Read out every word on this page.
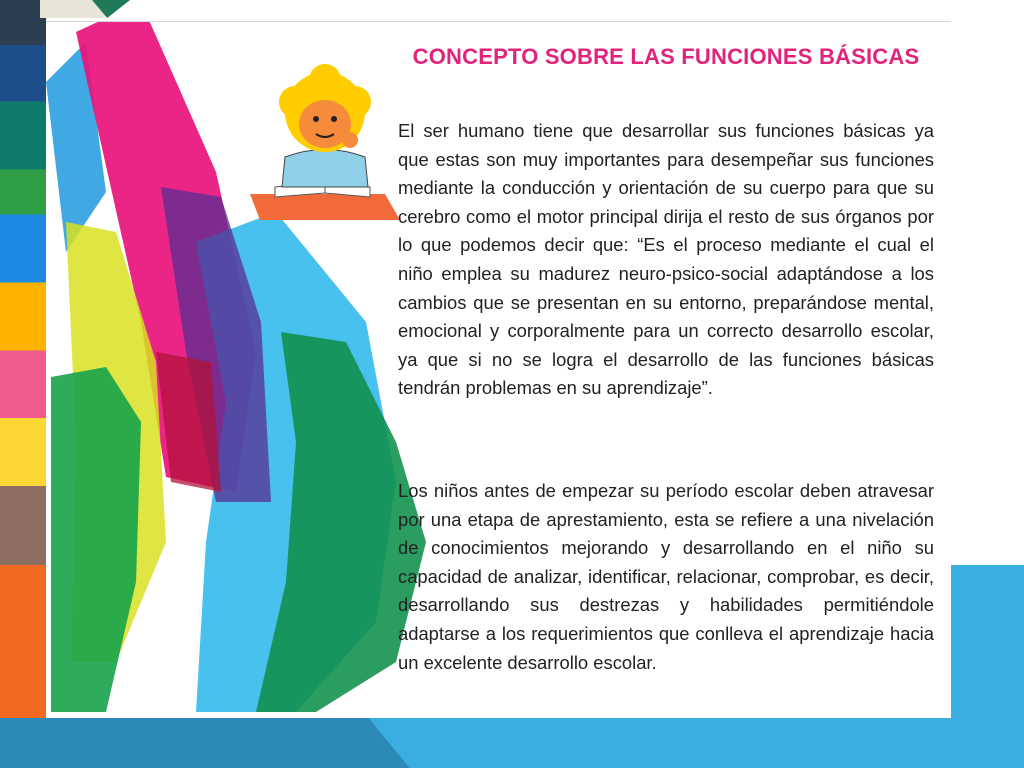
CONCEPTO SOBRE LAS FUNCIONES BÁSICAS

El ser humano tiene que desarrollar sus funciones básicas ya que estas son muy importantes para desempeñar sus funciones mediante la conducción y orientación de su cuerpo para que su cerebro como el motor principal dirija el resto de sus órganos por lo que podemos decir que: “Es el proceso mediante el cual el niño emplea su madurez neuro-psico-social adaptándose a los cambios que se presentan en su entorno, preparándose mental, emocional y corporalmente para un correcto desarrollo escolar, ya que si no se logra el desarrollo de las funciones básicas tendrán problemas en su aprendizaje”.

Los niños antes de empezar su período escolar deben atravesar por una etapa de aprestamiento, esta se refiere a una nivelación de conocimientos mejorando y desarrollando en el niño su capacidad de analizar, identificar, relacionar, comprobar, es decir, desarrollando sus destrezas y habilidades permitiéndole adaptarse a los requerimientos que conlleva el aprendizaje hacia un excelente desarrollo escolar.
